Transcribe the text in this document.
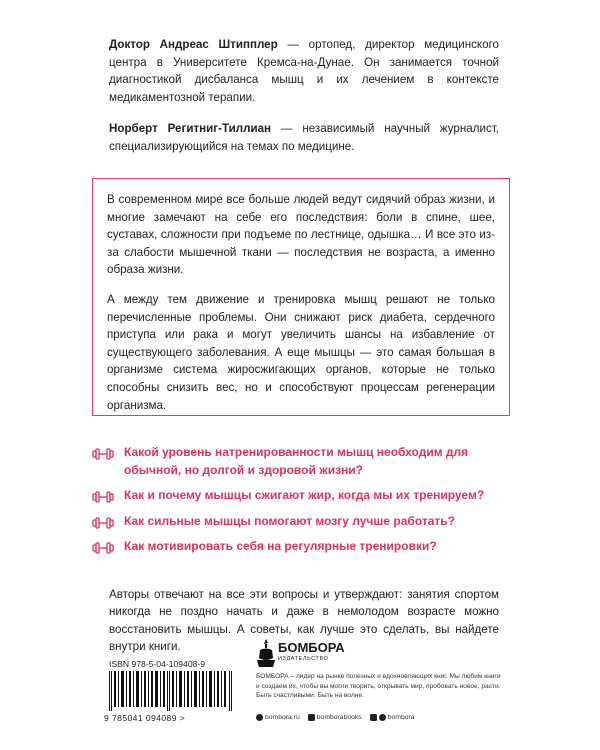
Доктор Андреас Штипплер — ортопед, директор медицинского центра в Университете Кремса-на-Дунае. Он занимается точной диагностикой дисбаланса мышц и их лечением в контексте медикаментозной терапии.

Норберт Регитниг-Тиллиан — независимый научный журналист, специализирующийся на темах по медицине.

В современном мире все больше людей ведут сидячий образ жизни, и многие замечают на себе его последствия: боли в спине, шее, суставах, сложности при подъеме по лестнице, одышка… И все это из-за слабости мышечной ткани — последствия не возраста, а именно образа жизни.

А между тем движение и тренировка мышц решают не только перечисленные проблемы. Они снижают риск диабета, сердечного приступа или рака и могут увеличить шансы на избавление от существующего заболевания. А еще мышцы — это самая большая в организме система жиросжигающих органов, которые не только способны снизить вес, но и способствуют процессам регенерации организма.

Какой уровень натренированности мышц необходим для обычной, но долгой и здоровой жизни?
Как и почему мышцы сжигают жир, когда мы их тренируем?
Как сильные мышцы помогают мозгу лучше работать?
Как мотивировать себя на регулярные тренировки?

Авторы отвечают на все эти вопросы и утверждают: занятия спортом никогда не поздно начать и даже в немолодом возрасте можно восстановить мышцы. А советы, как лучше это сделать, вы найдете внутри книги.

ISBN 978-5-04-109408-9
9 785041 094089 >
БОМБОРА
ИЗДАТЕЛЬСТВО
БОМБОРА – лидер на рынке полезных и вдохновляющих книг. Мы любим книги и создаем их, чтобы вы могли творить, открывать мир, пробовать новое, расти. Быть счастливыми. Быть на волне.
bombora.ru	bomborabooks	bombora
